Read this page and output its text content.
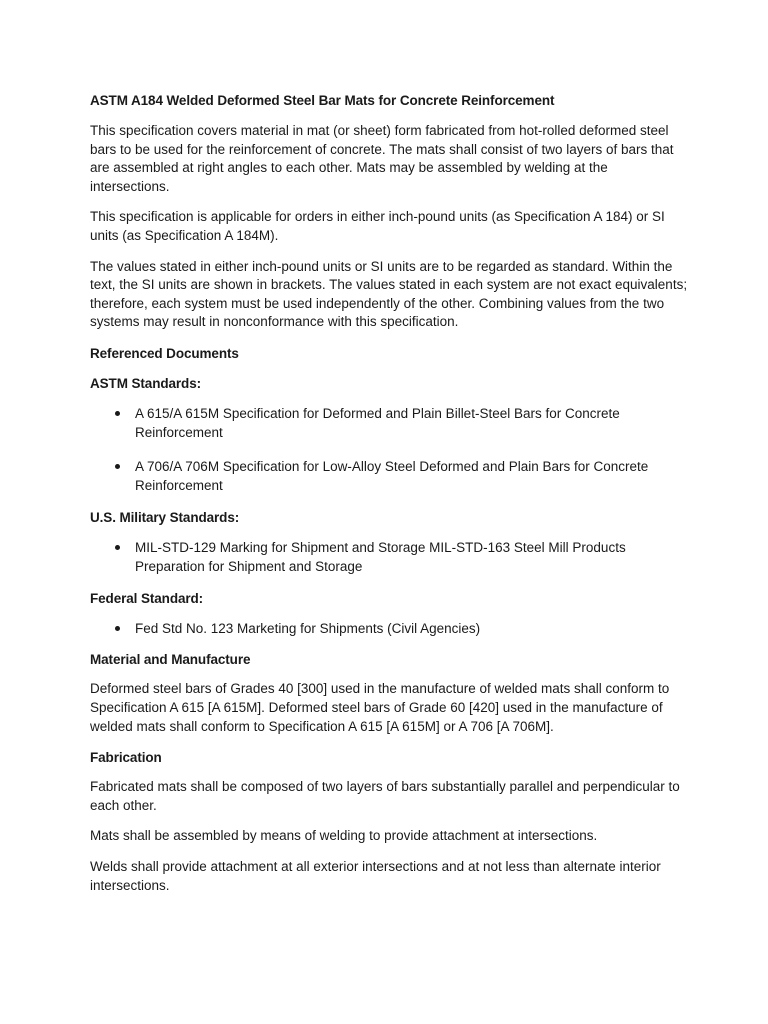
ASTM A184 Welded Deformed Steel Bar Mats for Concrete Reinforcement

This specification covers material in mat (or sheet) form fabricated from hot-rolled deformed steel bars to be used for the reinforcement of concrete. The mats shall consist of two layers of bars that are assembled at right angles to each other. Mats may be assembled by welding at the intersections.

This specification is applicable for orders in either inch-pound units (as Specification A 184) or SI units (as Specification A 184M).

The values stated in either inch-pound units or SI units are to be regarded as standard. Within the text, the SI units are shown in brackets. The values stated in each system are not exact equivalents; therefore, each system must be used independently of the other. Combining values from the two systems may result in nonconformance with this specification.

Referenced Documents
ASTM Standards:
A 615/A 615M Specification for Deformed and Plain Billet-Steel Bars for Concrete Reinforcement
A 706/A 706M Specification for Low-Alloy Steel Deformed and Plain Bars for Concrete Reinforcement
U.S. Military Standards:
MIL-STD-129 Marking for Shipment and Storage MIL-STD-163 Steel Mill Products Preparation for Shipment and Storage
Federal Standard:
Fed Std No. 123 Marketing for Shipments (Civil Agencies)
Material and Manufacture

Deformed steel bars of Grades 40 [300] used in the manufacture of welded mats shall conform to Specification A 615 [A 615M]. Deformed steel bars of Grade 60 [420] used in the manufacture of welded mats shall conform to Specification A 615 [A 615M] or A 706 [A 706M].

Fabrication

Fabricated mats shall be composed of two layers of bars substantially parallel and perpendicular to each other.

Mats shall be assembled by means of welding to provide attachment at intersections.

Welds shall provide attachment at all exterior intersections and at not less than alternate interior intersections.
